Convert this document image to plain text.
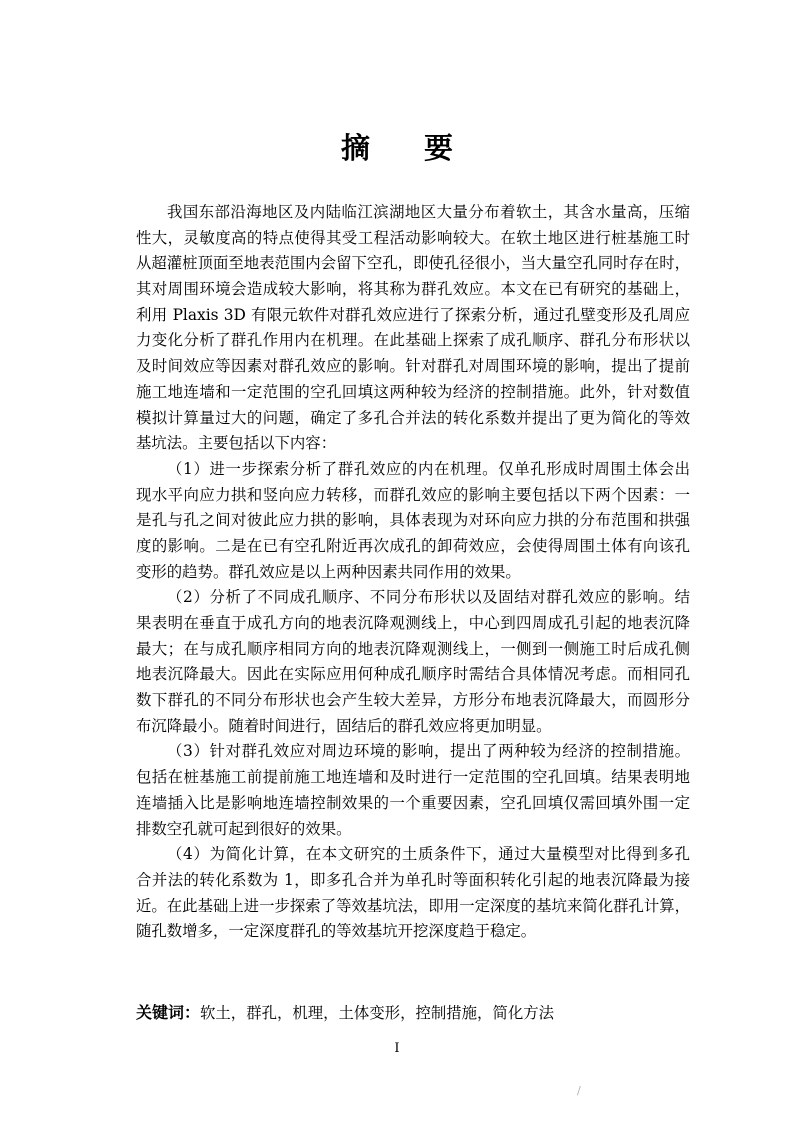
摘 要
我国东部沿海地区及内陆临江滨湖地区大量分布着软土，其含水量高，压缩
性大，灵敏度高的特点使得其受工程活动影响较大。在软土地区进行桩基施工时
从超灌桩顶面至地表范围内会留下空孔，即使孔径很小，当大量空孔同时存在时，
其对周围环境会造成较大影响，将其称为群孔效应。本文在已有研究的基础上，
利用 Plaxis 3D 有限元软件对群孔效应进行了探索分析，通过孔壁变形及孔周应
力变化分析了群孔作用内在机理。在此基础上探索了成孔顺序、群孔分布形状以
及时间效应等因素对群孔效应的影响。针对群孔对周围环境的影响，提出了提前
施工地连墙和一定范围的空孔回填这两种较为经济的控制措施。此外，针对数值
模拟计算量过大的问题，确定了多孔合并法的转化系数并提出了更为简化的等效
基坑法。主要包括以下内容：
（1）进一步探索分析了群孔效应的内在机理。仅单孔形成时周围土体会出
现水平向应力拱和竖向应力转移，而群孔效应的影响主要包括以下两个因素：一
是孔与孔之间对彼此应力拱的影响，具体表现为对环向应力拱的分布范围和拱强
度的影响。二是在已有空孔附近再次成孔的卸荷效应，会使得周围土体有向该孔
变形的趋势。群孔效应是以上两种因素共同作用的效果。
（2）分析了不同成孔顺序、不同分布形状以及固结对群孔效应的影响。结
果表明在垂直于成孔方向的地表沉降观测线上，中心到四周成孔引起的地表沉降
最大；在与成孔顺序相同方向的地表沉降观测线上，一侧到一侧施工时后成孔侧
地表沉降最大。因此在实际应用何种成孔顺序时需结合具体情况考虑。而相同孔
数下群孔的不同分布形状也会产生较大差异，方形分布地表沉降最大，而圆形分
布沉降最小。随着时间进行，固结后的群孔效应将更加明显。
（3）针对群孔效应对周边环境的影响，提出了两种较为经济的控制措施。
包括在桩基施工前提前施工地连墙和及时进行一定范围的空孔回填。结果表明地
连墙插入比是影响地连墙控制效果的一个重要因素，空孔回填仅需回填外围一定
排数空孔就可起到很好的效果。
（4）为简化计算，在本文研究的土质条件下，通过大量模型对比得到多孔
合并法的转化系数为 1，即多孔合并为单孔时等面积转化引起的地表沉降最为接
近。在此基础上进一步探索了等效基坑法，即用一定深度的基坑来简化群孔计算，
随孔数增多，一定深度群孔的等效基坑开挖深度趋于稳定。
关键词：软土，群孔，机理，土体变形，控制措施，简化方法
I
/
